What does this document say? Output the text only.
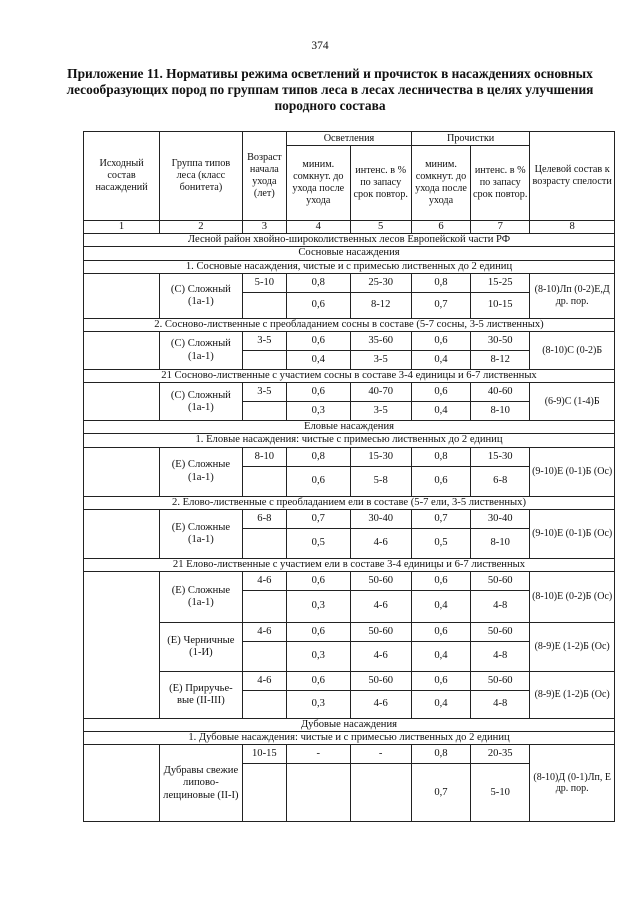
374
Приложение 11. Нормативы режима осветлений и прочисток в насаждениях основных лесообразующих пород по группам типов леса в лесах лесничества в целях улучшения породного состава
Исходный состав насаждений	Группа типов леса (класс бонитета)	Возраст начала ухода (лет)	Осветления		Прочистки		Целевой состав к возрасту спелости
			миним. сомкнут. до ухода после ухода	интенс. в % по запасу срок повтор.	миним. сомкнут. до ухода после ухода	интенс. в % по запасу срок повтор.	
1	2	3	4	5	6	7	8
Лесной район хвойно-широколиственных лесов Европейской части РФ							
Сосновые насаждения							
1. Сосновые насаждения, чистые и с примесью лиственных до 2 единиц							
	(С) Сложный (1а-1)	5-10	0,8	25-30	0,8	15-25	(8-10)Лп (0-2)Е,Д др. пор.
			0,6	8-12	0,7	10-15	
2. Сосново-лиственные с преобладанием сосны в составе (5-7 сосны, 3-5 лиственных)							
	(С) Сложный (1а-1)	3-5	0,6	35-60	0,6	30-50	(8-10)С (0-2)Б
			0,4	3-5	0,4	8-12	
21 Сосново-лиственные с участием сосны в составе 3-4 единицы и 6-7 лиственных							
	(С) Сложный (1а-1)	3-5	0,6	40-70	0,6	40-60	(6-9)С (1-4)Б
			0,3	3-5	0,4	8-10	
Еловые насаждения							
1. Еловые насаждения: чистые с примесью лиственных до 2 единиц							
	(Е) Сложные (1а-1)	8-10	0,8	15-30	0,8	15-30	(9-10)Е (0-1)Б (Ос)
			0,6	5-8	0,6	6-8	
2. Елово-лиственные с преобладанием ели в составе (5-7 ели, 3-5 лиственных)							
	(Е) Сложные (1а-1)	6-8	0,7	30-40	0,7	30-40	(9-10)Е (0-1)Б (Ос)
			0,5	4-6	0,5	8-10	
21 Елово-лиственные с участием ели в составе 3-4 единицы и 6-7 лиственных							
	(Е) Сложные (1а-1)	4-6	0,6	50-60	0,6	50-60	(8-10)Е (0-2)Б (Ос)
			0,3	4-6	0,4	4-8	
	(Е) Черничные (1-И)	4-6	0,6	50-60	0,6	50-60	(8-9)Е (1-2)Б (Ос)
			0,3	4-6	0,4	4-8	
	(Е) Приручье-вые (II-III)	4-6	0,6	50-60	0,6	50-60	(8-9)Е (1-2)Б (Ос)
			0,3	4-6	0,4	4-8	
Дубовые насаждения							
1. Дубовые насаждения: чистые и с примесью лиственных до 2 единиц							
	Дубравы свежие липово-лещиновые (II-I)	10-15	-	-	0,8	20-35	(8-10)Д (0-1)Лп, Е др. пор.
					0,7	5-10	
